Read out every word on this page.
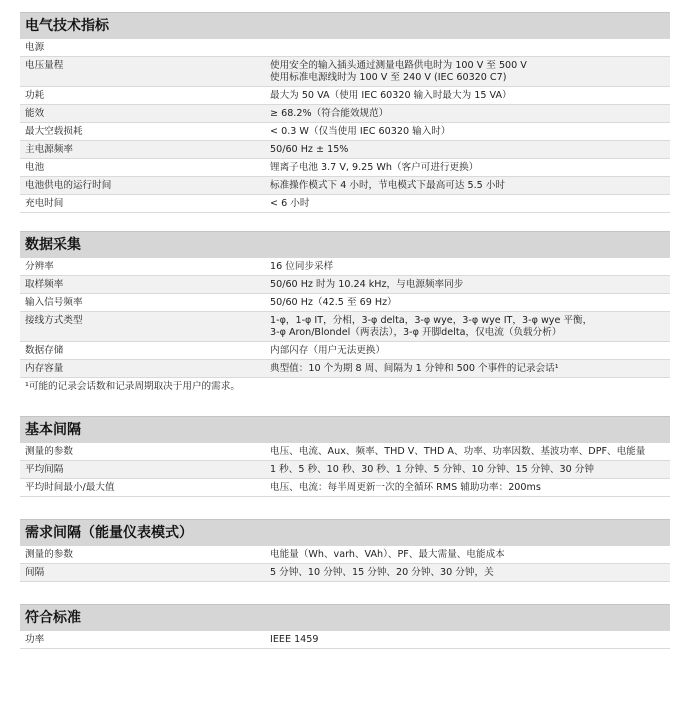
电气技术指标
电源
电压量程	使用安全的输入插头通过测量电路供电时为 100 V 至 500 V
使用标准电源线时为 100 V 至 240 V (IEC 60320 C7)
功耗	最大为 50 VA（使用 IEC 60320 输入时最大为 15 VA）
能效	≥ 68.2%（符合能效规范）
最大空载损耗	< 0.3 W（仅当使用 IEC 60320 输入时）
主电源频率	50/60 Hz ± 15%
电池	锂离子电池 3.7 V, 9.25 Wh（客户可进行更换）
电池供电的运行时间	标准操作模式下 4 小时，节电模式下最高可达 5.5 小时
充电时间	< 6 小时
数据采集
分辨率	16 位同步采样
取样频率	50/60 Hz 时为 10.24 kHz，与电源频率同步
输入信号频率	50/60 Hz（42.5 至 69 Hz）
接线方式类型	1-φ，1-φ IT，分相，3-φ delta，3-φ wye，3-φ wye IT，3-φ wye 平衡，
3-φ Aron/Blondel（两表法），3-φ 开脚delta，仅电流（负载分析）
数据存储	内部闪存（用户无法更换）
内存容量	典型值：10 个为期 8 周、间隔为 1 分钟和 500 个事件的记录会话¹
¹可能的记录会话数和记录周期取决于用户的需求。
基本间隔
测量的参数	电压、电流、Aux、频率、THD V、THD A、功率、功率因数、基波功率、DPF、电能量
平均间隔	1 秒、5 秒、10 秒、30 秒、1 分钟、5 分钟、10 分钟、15 分钟、30 分钟
平均时间最小/最大值	电压、电流：每半周更新一次的全循环 RMS 辅助功率：200ms
需求间隔（能量仪表模式）
测量的参数	电能量（Wh、varh、VAh）、PF、最大需量、电能成本
间隔	5 分钟、10 分钟、15 分钟、20 分钟、30 分钟，关
符合标准
功率	IEEE 1459
